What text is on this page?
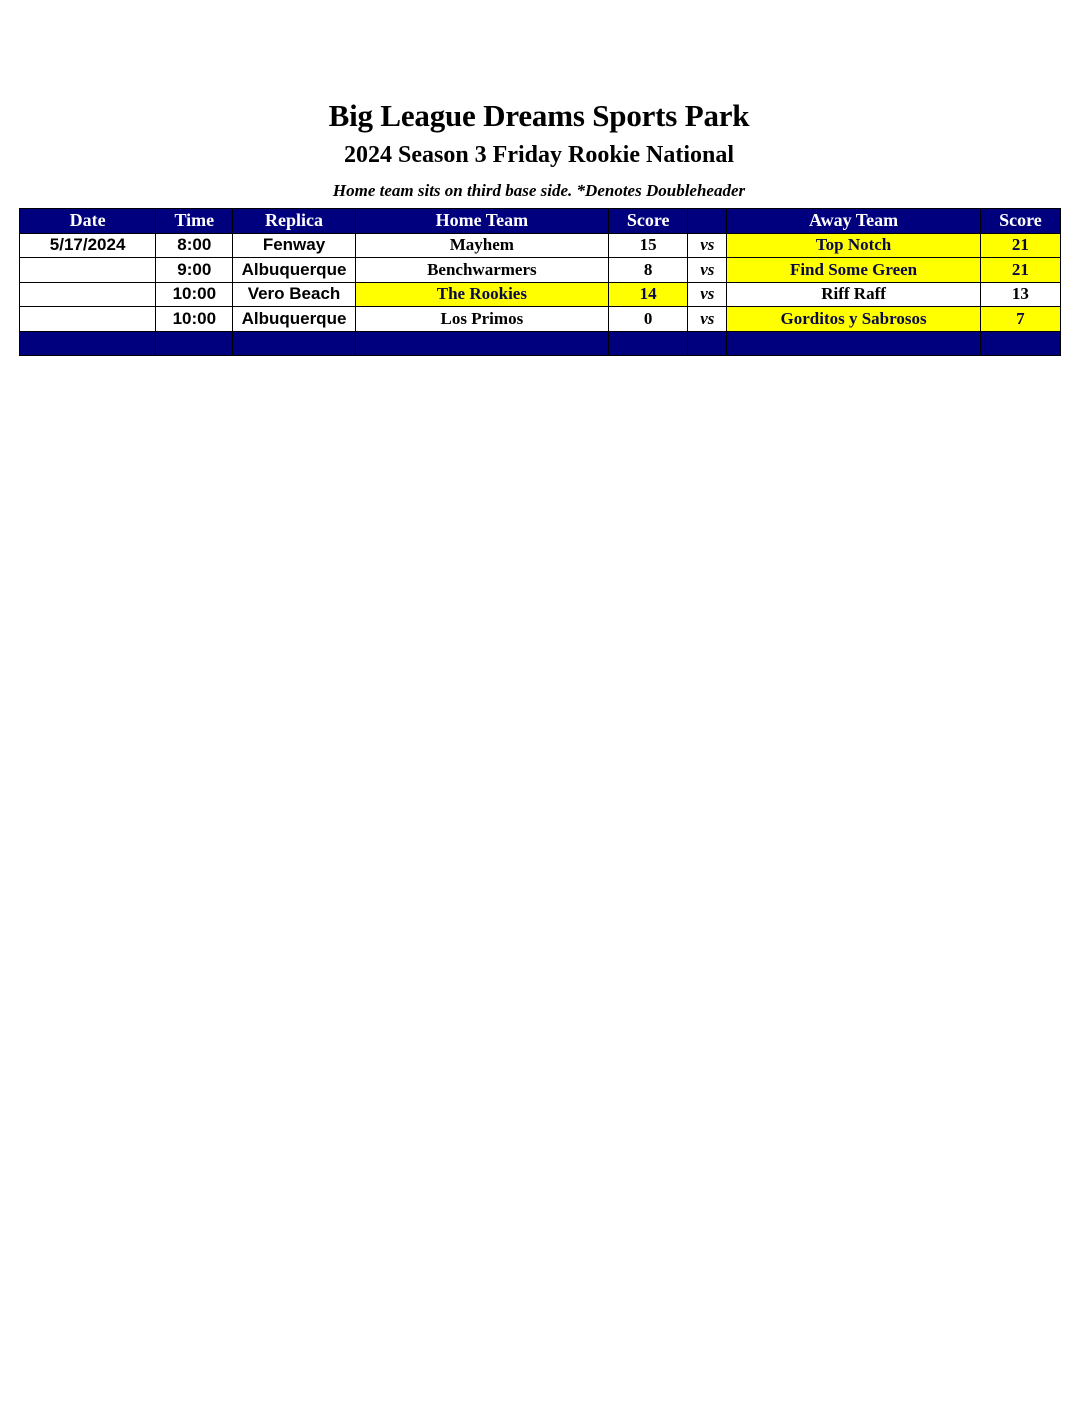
Big League Dreams Sports Park
2024 Season 3 Friday Rookie National
Home team sits on third base side. *Denotes Doubleheader
Date	Time	Replica	Home Team	Score		Away Team	Score
5/17/2024	8:00	Fenway	Mayhem	15	vs	Top Notch	21
	9:00	Albuquerque	Benchwarmers	8	vs	Find Some Green	21
	10:00	Vero Beach	The Rookies	14	vs	Riff Raff	13
	10:00	Albuquerque	Los Primos	0	vs	Gorditos y Sabrosos	7
